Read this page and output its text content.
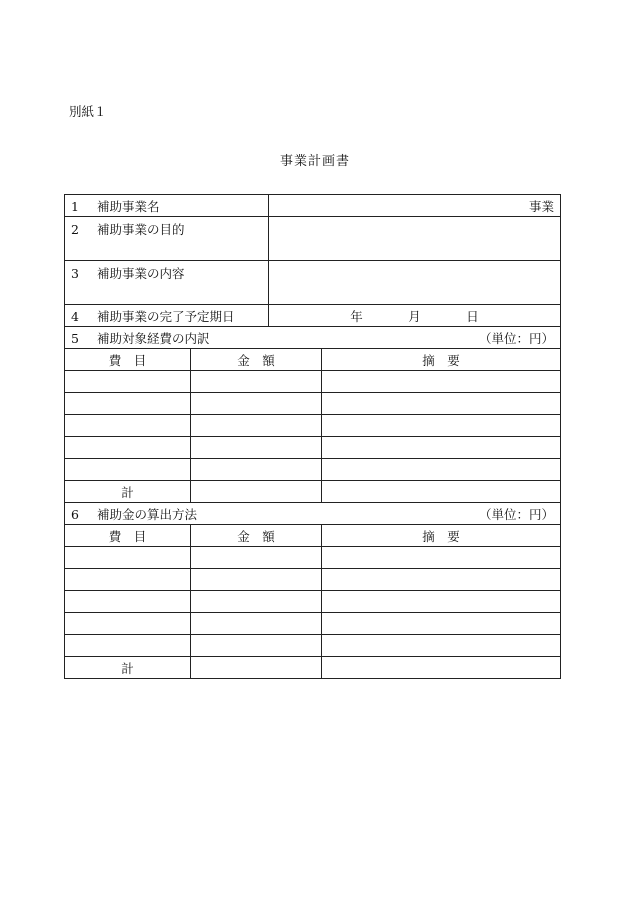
別紙１
事業計画書
1 補助事業名	事業
2 補助事業の目的	
3 補助事業の内容	
4 補助事業の完了予定期日	年 月 日
5 補助対象経費の内訳		（単位：円）
費　目	金　額	摘　要

計		
6 補助金の算出方法		（単位：円）
費　目	金　額	摘　要

計		
